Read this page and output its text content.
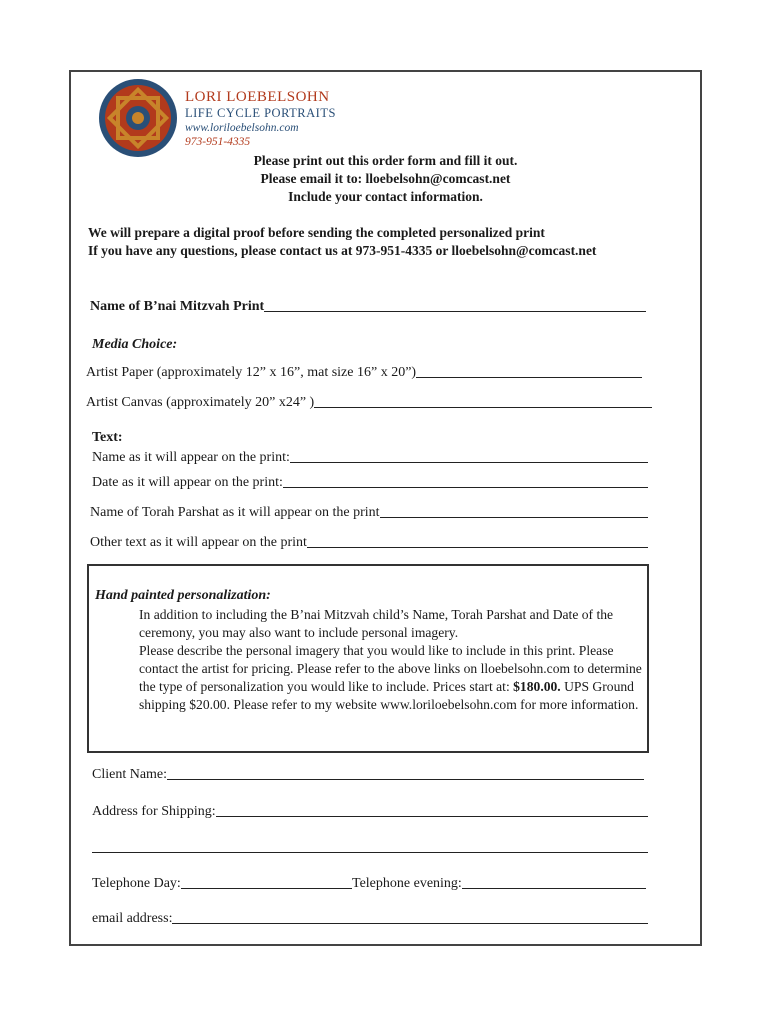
LORI LOEBELSOHN
LIFE CYCLE PORTRAITS
www.loriloebelsohn.com
973-951-4335
Please print out this order form and fill it out.
Please email it to: lloebelsohn@comcast.net
Include your contact information.
We will prepare a digital proof before sending the completed personalized print
If you have any questions, please contact us at 973-951-4335 or lloebelsohn@comcast.net
Name of B’nai Mitzvah Print
Media Choice:
Artist Paper (approximately 12” x 16”, mat size 16” x 20”)
Artist Canvas (approximately 20” x24” )
Text:
Name as it will appear on the print:
Date as it will appear on the print:
Name of Torah Parshat as it will appear on the print
Other text as it will appear on the print
Hand painted personalization:

In addition to including the B’nai Mitzvah child’s Name, Torah Parshat and Date of the ceremony, you may also want to include personal imagery.

Please describe the personal imagery that you would like to include in this print. Please contact the artist for pricing. Please refer to the above links on lloebelsohn.com to determine the type of personalization you would like to include. Prices start at: $180.00. UPS Ground shipping $20.00. Please refer to my website www.loriloebelsohn.com for more information.

Client Name:
Address for Shipping:
Telephone Day:	Telephone evening:
email address:
